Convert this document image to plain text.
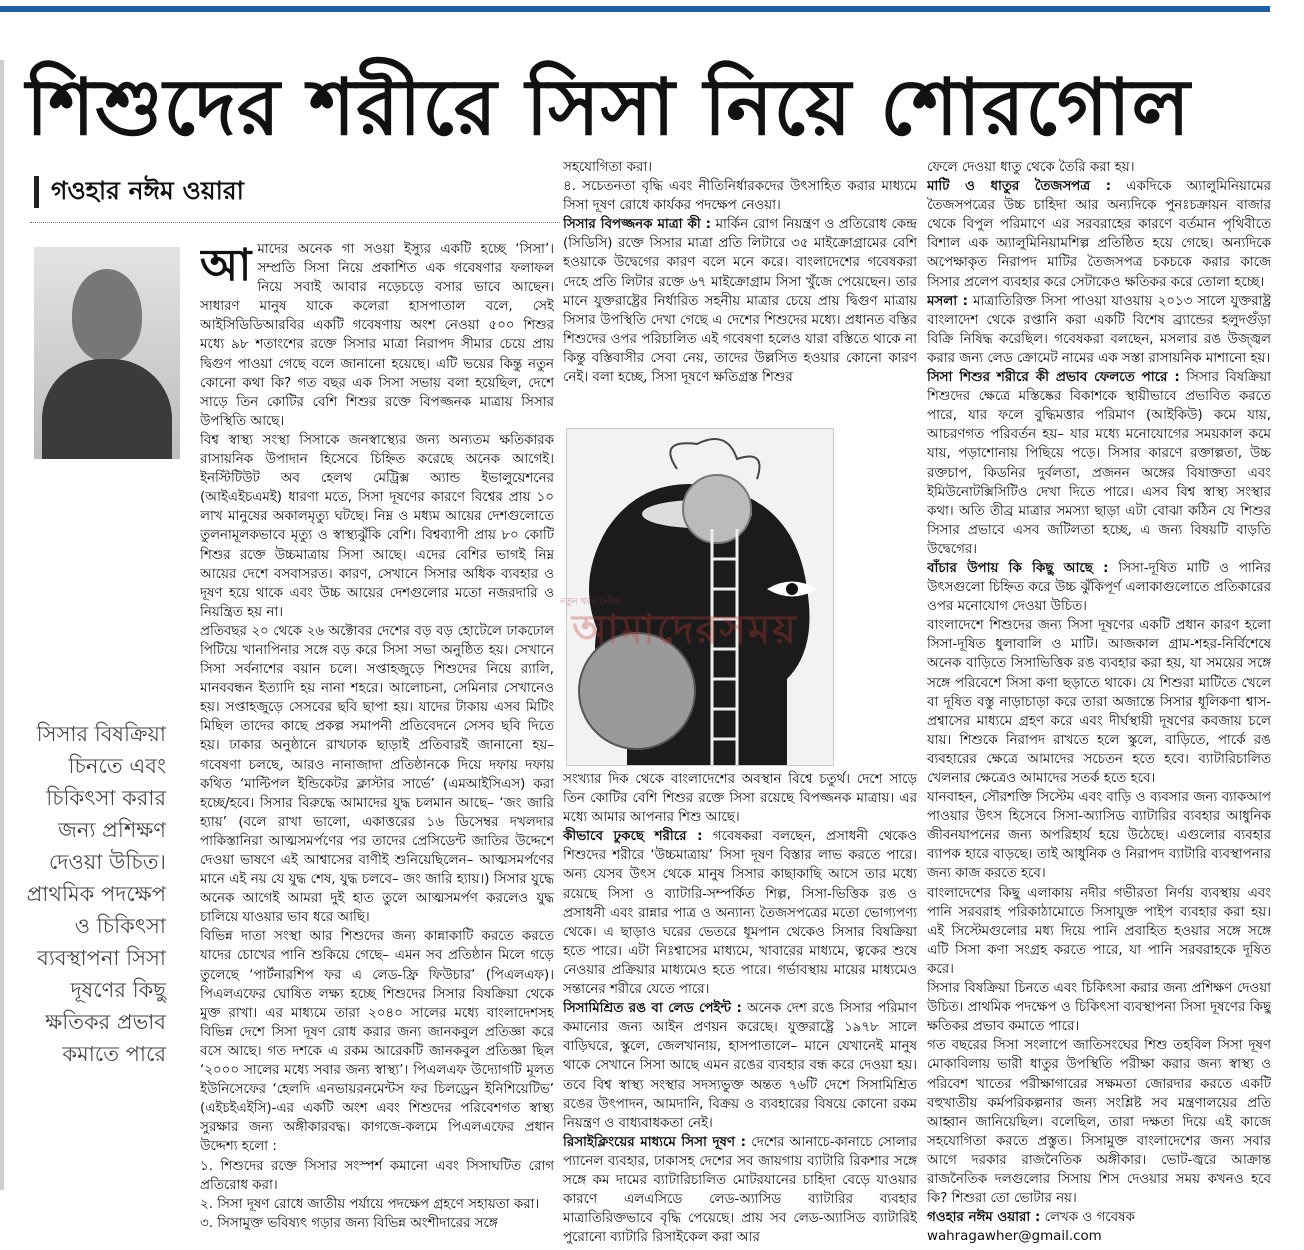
শিশুদের শরীরে সিসা নিয়ে শোরগোল
গওহার নঈম ওয়ারা
সিসার বিষক্রিয়া চিনতে এবং চিকিৎসা করার জন্য প্রশিক্ষণ দেওয়া উচিত। প্রাথমিক পদক্ষেপ ও চিকিৎসা ব্যবস্থাপনা সিসা দূষণের কিছু ক্ষতিকর প্রভাব কমাতে পারে
আ মাদের অনেক গা সওয়া ইস্যুর একটি হচ্ছে ‘সিসা’। সম্প্রতি সিসা নিয়ে প্রকাশিত এক গবেষণার ফলাফল নিয়ে সবাই আবার নড়েচড়ে বসার ভাবে আছেন। সাধারণ মানুষ যাকে কলেরা হাসপাতাল বলে, সেই আইসিডিডিআরবির একটি গবেষণায় অংশ নেওয়া ৫০০ শিশুর মধ্যে ৯৮ শতাংশের রক্তে সিসার মাত্রা নিরাপদ সীমার চেয়ে প্রায় দ্বিগুণ পাওয়া গেছে বলে জানানো হয়েছে। এটি ভয়ের কিন্তু নতুন কোনো কথা কি? গত বছর এক সিসা সভায় বলা হয়েছিল, দেশে সাড়ে তিন কোটির বেশি শিশুর রক্তে বিপজ্জনক মাত্রায় সিসার উপস্থিতি আছে।

বিশ্ব স্বাস্থ্য সংস্থা সিসাকে জনস্বাস্থ্যের জন্য অন্যতম ক্ষতিকারক রাসায়নিক উপাদান হিসেবে চিহ্নিত করেছে অনেক আগেই। ইনস্টিটিউট অব হেলথ মেট্রিক্স অ্যান্ড ইভালুয়েশনের (আইএইচএমই) ধারণা মতে, সিসা দূষণের কারণে বিশ্বের প্রায় ১০ লাখ মানুষের অকালমৃত্যু ঘটছে। নিম্ন ও মধ্যম আয়ের দেশগুলোতে তুলনামূলকভাবে মৃত্যু ও স্বাস্থ্যঝুঁকি বেশি। বিশ্বব্যাপী প্রায় ৮০ কোটি শিশুর রক্তে উচ্চমাত্রায় সিসা আছে। এদের বেশির ভাগই নিম্ন আয়ের দেশে বসবাসরত। কারণ, সেখানে সিসার অধিক ব্যবহার ও দূষণ হয়ে থাকে এবং উচ্চ আয়ের দেশগুলোর মতো নজরদারি ও নিয়ন্ত্রিত হয় না।

প্রতিবছর ২০ থেকে ২৬ অক্টোবর দেশের বড় বড় হোটেলে ঢাকঢোল পিটিয়ে খানাপিনার সঙ্গে বড় করে সিসা সভা অনুষ্ঠিত হয়। সেখানে সিসা সর্বনাশের বয়ান চলে। সপ্তাহজুড়ে শিশুদের নিয়ে র‍্যালি, মানববন্ধন ইত্যাদি হয় নানা শহরে। আলোচনা, সেমিনার সেখানেও হয়। সপ্তাহজুড়ে সেসবের ছবি ছাপা হয়। যাদের টাকায় এসব মিটিং মিছিল তাদের কাছে প্রকল্প সমাপনী প্রতিবেদনে সেসব ছবি দিতে হয়। ঢাকার অনুষ্ঠানে রাখঢাক ছাড়াই প্রতিবারই জানানো হয়– গবেষণা চলছে, আরও নানাজাদা প্রতিষ্ঠানকে দিয়ে দফায় দফায় কথিত ‘মাল্টিপল ইন্ডিকেটর ক্লাস্টার সার্ভে’ (এমআইসিএস) করা হচ্ছে/হবে। সিসার বিরুদ্ধে আমাদের যুদ্ধ চলমান আছে– ‘জং জারি হ্যায়’ (বলে রাখা ভালো, একাত্তরের ১৬ ডিসেম্বর দখলদার পাকিস্তানিরা আত্মসমর্পণের পর তাদের প্রেসিডেন্ট জাতির উদ্দেশে দেওয়া ভাষণে এই আশ্বাসের বাণীই শুনিয়েছিলেন– আত্মসমর্পণের মানে এই নয় যে যুদ্ধ শেষ, যুদ্ধ চলবে– জং জারি হ্যায়।) সিসার যুদ্ধে অনেক আগেই আমরা দুই হাত তুলে আত্মসমর্পণ করলেও যুদ্ধ চালিয়ে যাওয়ার ভাব ধরে আছি।

বিভিন্ন দাতা সংস্থা আর শিশুদের জন্য কান্নাকাটি করতে করতে যাদের চোখের পানি শুকিয়ে গেছে– এমন সব প্রতিষ্ঠান মিলে গড়ে তুলেছে ‘পার্টনারশিপ ফর এ লেড-ফ্রি ফিউচার’ (পিএলএফ)। পিএলএফের ঘোষিত লক্ষ্য হচ্ছে শিশুদের সিসার বিষক্রিয়া থেকে মুক্ত রাখা। এর মাধ্যমে তারা ২০৪০ সালের মধ্যে বাংলাদেশসহ বিভিন্ন দেশে সিসা দূষণ রোধ করার জন্য জানকবুল প্রতিজ্ঞা করে বসে আছে। গত দশকে এ রকম আরেকটি জানকবুল প্রতিজ্ঞা ছিল ‘২০০০ সালের মধ্যে সবার জন্য স্বাস্থ্য’। পিএলএফ উদ্যোগটি মূলত ইউনিসেফের ‘হেলদি এনভায়রনমেন্টস ফর চিলড্রেন ইনিশিয়েটিভ’ (এইচইএইসি)-এর একটি অংশ এবং শিশুদের পরিবেশগত স্বাস্থ্য সুরক্ষার জন্য অঙ্গীকারবদ্ধ। কাগজে-কলমে পিএলএফের প্রধান উদ্দেশ্য হলো :

১. শিশুদের রক্তে সিসার সংস্পর্শ কমানো এবং সিসাঘটিত রোগ প্রতিরোধ করা।

২. সিসা দূষণ রোধে জাতীয় পর্যায়ে পদক্ষেপ গ্রহণে সহায়তা করা।

৩. সিসামুক্ত ভবিষ্যৎ গড়ার জন্য বিভিন্ন অংশীদারের সঙ্গে

সহযোগিতা করা।

৪. সচেতনতা বৃদ্ধি এবং নীতিনির্ধারকদের উৎসাহিত করার মাধ্যমে সিসা দূষণ রোধে কার্যকর পদক্ষেপ নেওয়া।

সিসার বিপজ্জনক মাত্রা কী : মার্কিন রোগ নিয়ন্ত্রণ ও প্রতিরোধ কেন্দ্র (সিডিসি) রক্তে সিসার মাত্রা প্রতি লিটারে ৩৫ মাইক্রোগ্রামের বেশি হওয়াকে উদ্বেগের কারণ বলে মনে করে। বাংলাদেশের গবেষকরা দেহে প্রতি লিটার রক্তে ৬৭ মাইক্রোগ্রাম সিসা খুঁজে পেয়েছেন। তার মানে যুক্তরাষ্ট্রের নির্ধারিত সহনীয় মাত্রার চেয়ে প্রায় দ্বিগুণ মাত্রায় সিসার উপস্থিতি দেখা গেছে এ দেশের শিশুদের মধ্যে। প্রধানত বস্তির শিশুদের ওপর পরিচালিত এই গবেষণা হলেও যারা বস্তিতে থাকে না কিন্তু বস্তিবাসীর সেবা নেয়, তাদের উল্লসিত হওয়ার কোনো কারণ নেই। বলা হচ্ছে, সিসা দূষণে ক্ষতিগ্রস্ত শিশুর

নতুন খবর দৈনিক
আমাদেরসময়

সংখ্যার দিক থেকে বাংলাদেশের অবস্থান বিশ্বে চতুর্থ। দেশে সাড়ে তিন কোটির বেশি শিশুর রক্তে সিসা রয়েছে বিপজ্জনক মাত্রায়। এর মধ্যে আমার আপনার শিশু আছে।

কীভাবে ঢুকছে শরীরে : গবেষকরা বলছেন, প্রসাধনী থেকেও শিশুদের শরীরে ‘উচ্চমাত্রায়’ সিসা দূষণ বিস্তার লাভ করতে পারে। অন্য যেসব উৎস থেকে মানুষ সিসার কাছাকাছি আসে তার মধ্যে রয়েছে সিসা ও ব্যাটারি-সম্পর্কিত শিল্প, সিসা-ভিত্তিক রঙ ও প্রসাধনী এবং রান্নার পাত্র ও অন্যান্য তৈজসপত্রের মতো ভোগ্যপণ্য থেকে। এ ছাড়াও ঘরের ভেতরে ধূমপান থেকেও সিসার বিষক্রিয়া হতে পারে। এটা নিঃশ্বাসের মাধ্যমে, খাবারের মাধ্যমে, ত্বকের শুষে নেওয়ার প্রক্রিয়ার মাধ্যমেও হতে পারে। গর্ভাবস্থায় মায়ের মাধ্যমেও সন্তানের শরীরে যেতে পারে।

সিসামিশ্রিত রঙ বা লেড পেইন্ট : অনেক দেশ রঙে সিসার পরিমাণ কমানোর জন্য আইন প্রণয়ন করেছে। যুক্তরাষ্ট্রে ১৯৭৮ সালে বাড়িঘরে, স্কুলে, জেলখানায়, হাসপাতালে– মানে যেখানেই মানুষ থাকে সেখানে সিসা আছে এমন রঙের ব্যবহার বন্ধ করে দেওয়া হয়। তবে বিশ্ব স্বাস্থ্য সংস্থার সদস্যভুক্ত অন্তত ৭৬টি দেশে সিসামিশ্রিত রঙের উৎপাদন, আমদানি, বিক্রয় ও ব্যবহারের বিষয়ে কোনো রকম নিয়ন্ত্রণ ও বাধ্যবাধকতা নেই।

রিসাইক্লিংয়ের মাধ্যমে সিসা দূষণ : দেশের আনাচে-কানাচে সোলার প্যানেল ব্যবহার, ঢাকাসহ দেশের সব জায়গায় ব্যাটারি রিকশার সঙ্গে সঙ্গে কম দামের ব্যাটারিচালিত মোটরযানের চাহিদা বেড়ে যাওয়ার কারণে এলএসিডে লেড-অ্যাসিড ব্যাটারির ব্যবহার মাত্রাতিরিক্তভাবে বৃদ্ধি পেয়েছে। প্রায় সব লেড-অ্যাসিড ব্যাটারিই পুরোনো ব্যাটারি রিসাইকেল করা আর

ফেলে দেওয়া ধাতু থেকে তৈরি করা হয়।

মাটি ও ধাতুর তৈজসপত্র : একদিকে অ্যালুমিনিয়ামের তৈজসপত্রের উচ্চ চাহিদা আর অন্যদিকে পুনঃচক্রায়ন বাজার থেকে বিপুল পরিমাণে এর সরবরাহের কারণে বর্তমান পৃথিবীতে বিশাল এক অ্যালুমিনিয়ামশিল্প প্রতিষ্ঠিত হয়ে গেছে। অন্যদিকে অপেক্ষাকৃত নিরাপদ মাটির তৈজসপত্র চকচকে করার কাজে সিসার প্রলেপ ব্যবহার করে সেটাকেও ক্ষতিকর করে তোলা হচ্ছে।

মসলা : মাত্রাতিরিক্ত সিসা পাওয়া যাওয়ায় ২০১৩ সালে যুক্তরাষ্ট্র বাংলাদেশ থেকে রপ্তানি করা একটি বিশেষ ব্র্যান্ডের হলুদগুঁড়া বিক্রি নিষিদ্ধ করেছিল। গবেষকরা বলছেন, মসলার রঙ উজ্জ্বল করার জন্য লেড ক্রোমেট নামের এক সস্তা রাসায়নিক মাশানো হয়।

সিসা শিশুর শরীরে কী প্রভাব ফেলতে পারে : সিসার বিষক্রিয়া শিশুদের ক্ষেত্রে মস্তিষ্কের বিকাশকে স্থায়ীভাবে প্রভাবিত করতে পারে, যার ফলে বুদ্ধিমত্তার পরিমাণ (আইকিউ) কমে যায়, আচরণগত পরিবর্তন হয়– যার মধ্যে মনোযোগের সময়কাল কমে যায়, পড়াশোনায় পিছিয়ে পড়ে। সিসার কারণে রক্তাল্পতা, উচ্চ রক্তচাপ, কিডনির দুর্বলতা, প্রজনন অঙ্গের বিষাক্ততা এবং ইমিউনোটক্সিসিটিও দেখা দিতে পারে। এসব বিশ্ব স্বাস্থ্য সংস্থার কথা। অতি তীব্র মাত্রার সমস্যা ছাড়া এটা বোঝা কঠিন যে শিশুর সিসার প্রভাবে এসব জটিলতা হচ্ছে, এ জন্য বিষয়টি বাড়তি উদ্বেগের।

বাঁচার উপায় কি কিছু আছে : সিসা-দূষিত মাটি ও পানির উৎসগুলো চিহ্নিত করে উচ্চ ঝুঁকিপূর্ণ এলাকাগুলোতে প্রতিকারের ওপর মনোযোগ দেওয়া উচিত।

বাংলাদেশে শিশুদের জন্য সিসা দূষণের একটি প্রধান কারণ হলো সিসা-দূষিত ধুলাবালি ও মাটি। আজকাল গ্রাম-শহর-নির্বিশেষে অনেক বাড়িতে সিসাভিত্তিক রঙ ব্যবহার করা হয়, যা সময়ের সঙ্গে সঙ্গে পরিবেশে সিসা কণা ছড়াতে থাকে। যে শিশুরা মাটিতে খেলে বা দূষিত বস্তু নাড়াচাড়া করে তারা অজান্তে সিসার ধূলিকণা শ্বাস-প্রশ্বাসের মাধ্যমে গ্রহণ করে এবং দীর্ঘস্থায়ী দূষণের কবজায় চলে যায়। শিশুকে নিরাপদ রাখতে হলে স্কুলে, বাড়িতে, পার্কে রঙ ব্যবহারের ক্ষেত্রে আমাদের সচেতন হতে হবে। ব্যাটারিচালিত খেলনার ক্ষেত্রেও আমাদের সতর্ক হতে হবে।

যানবাহন, সৌরশক্তি সিস্টেম এবং বাড়ি ও ব্যবসার জন্য ব্যাকআপ পাওয়ার উৎস হিসেবে সিসা-অ্যাসিড ব্যাটারির ব্যবহার আধুনিক জীবনযাপনের জন্য অপরিহার্য হয়ে উঠেছে। এগুলোর ব্যবহার ব্যাপক হারে বাড়ছে। তাই আধুনিক ও নিরাপদ ব্যাটারি ব্যবস্থাপনার জন্য কাজ করতে হবে।

বাংলাদেশের কিছু এলাকায় নদীর গভীরতা নির্ণয় ব্যবস্থায় এবং পানি সরবরাহ পরিকাঠামোতে সিসাযুক্ত পাইপ ব্যবহার করা হয়। এই সিস্টেমগুলোর মধ্য দিয়ে পানি প্রবাহিত হওয়ার সঙ্গে সঙ্গে এটি সিসা কণা সংগ্রহ করতে পারে, যা পানি সরবরাহকে দূষিত করে।

সিসার বিষক্রিয়া চিনতে এবং চিকিৎসা করার জন্য প্রশিক্ষণ দেওয়া উচিত। প্রাথমিক পদক্ষেপ ও চিকিৎসা ব্যবস্থাপনা সিসা দূষণের কিছু ক্ষতিকর প্রভাব কমাতে পারে।

গত বছরের সিসা সংলাপে জাতিসংঘের শিশু তহবিল সিসা দূষণ মোকাবিলায় ভারী ধাতুর উপস্থিতি পরীক্ষা করার জন্য স্বাস্থ্য ও পরিবেশ খাতের পরীক্ষাগারের সক্ষমতা জোরদার করতে একটি বহুখাতীয় কর্মপরিকল্পনার জন্য সংশ্লিষ্ট সব মন্ত্রণালয়ের প্রতি আহ্বান জানিয়েছিল। বলেছিল, তারা দক্ষতা দিয়ে এই কাজে সহযোগিতা করতে প্রস্তুত। সিসামুক্ত বাংলাদেশের জন্য সবার আগে দরকার রাজনৈতিক অঙ্গীকার। ভোট-জ্বরে আক্রান্ত রাজনৈতিক দলগুলোর সিসায় শিস দেওয়ার সময় কখনও হবে কি? শিশুরা তো ভোটার নয়।

গওহার নঈম ওয়ারা : লেখক ও গবেষক

wahragawher@gmail.com
